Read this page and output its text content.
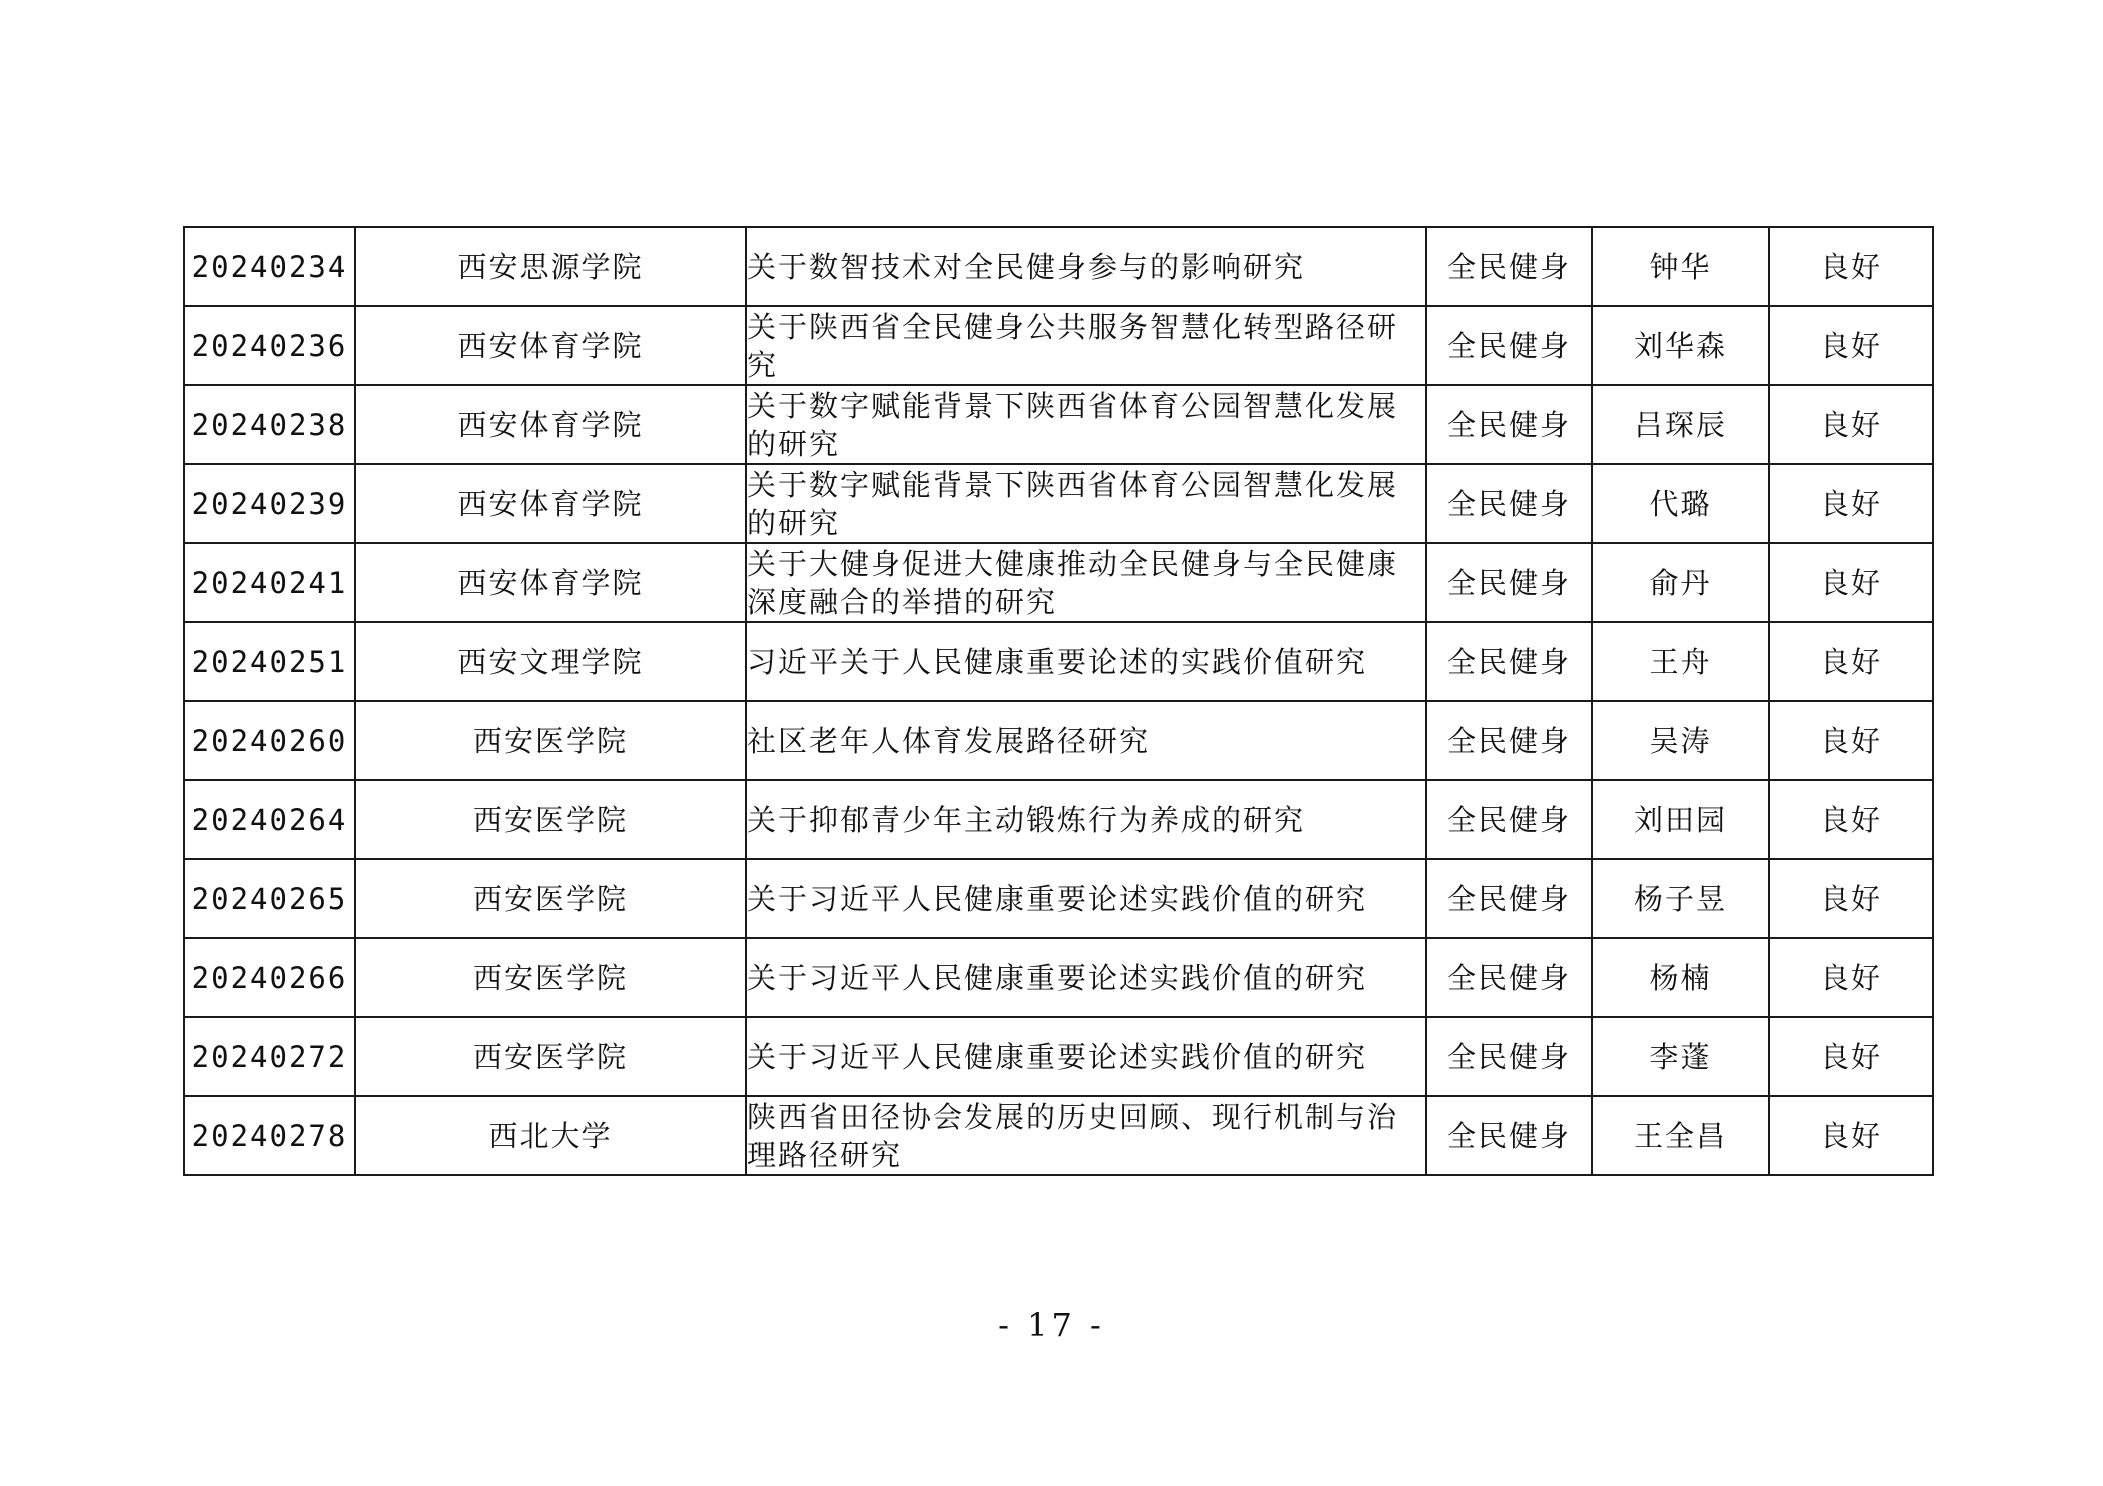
20240234	西安思源学院	关于数智技术对全民健身参与的影响研究	全民健身	钟华	良好
20240236	西安体育学院	关于陕西省全民健身公共服务智慧化转型路径研究	全民健身	刘华森	良好
20240238	西安体育学院	关于数字赋能背景下陕西省体育公园智慧化发展的研究	全民健身	吕琛辰	良好
20240239	西安体育学院	关于数字赋能背景下陕西省体育公园智慧化发展的研究	全民健身	代璐	良好
20240241	西安体育学院	关于大健身促进大健康推动全民健身与全民健康深度融合的举措的研究	全民健身	俞丹	良好
20240251	西安文理学院	习近平关于人民健康重要论述的实践价值研究	全民健身	王舟	良好
20240260	西安医学院	社区老年人体育发展路径研究	全民健身	吴涛	良好
20240264	西安医学院	关于抑郁青少年主动锻炼行为养成的研究	全民健身	刘田园	良好
20240265	西安医学院	关于习近平人民健康重要论述实践价值的研究	全民健身	杨子昱	良好
20240266	西安医学院	关于习近平人民健康重要论述实践价值的研究	全民健身	杨楠	良好
20240272	西安医学院	关于习近平人民健康重要论述实践价值的研究	全民健身	李蓬	良好
20240278	西北大学	陕西省田径协会发展的历史回顾、现行机制与治理路径研究	全民健身	王全昌	良好
- 17 -
